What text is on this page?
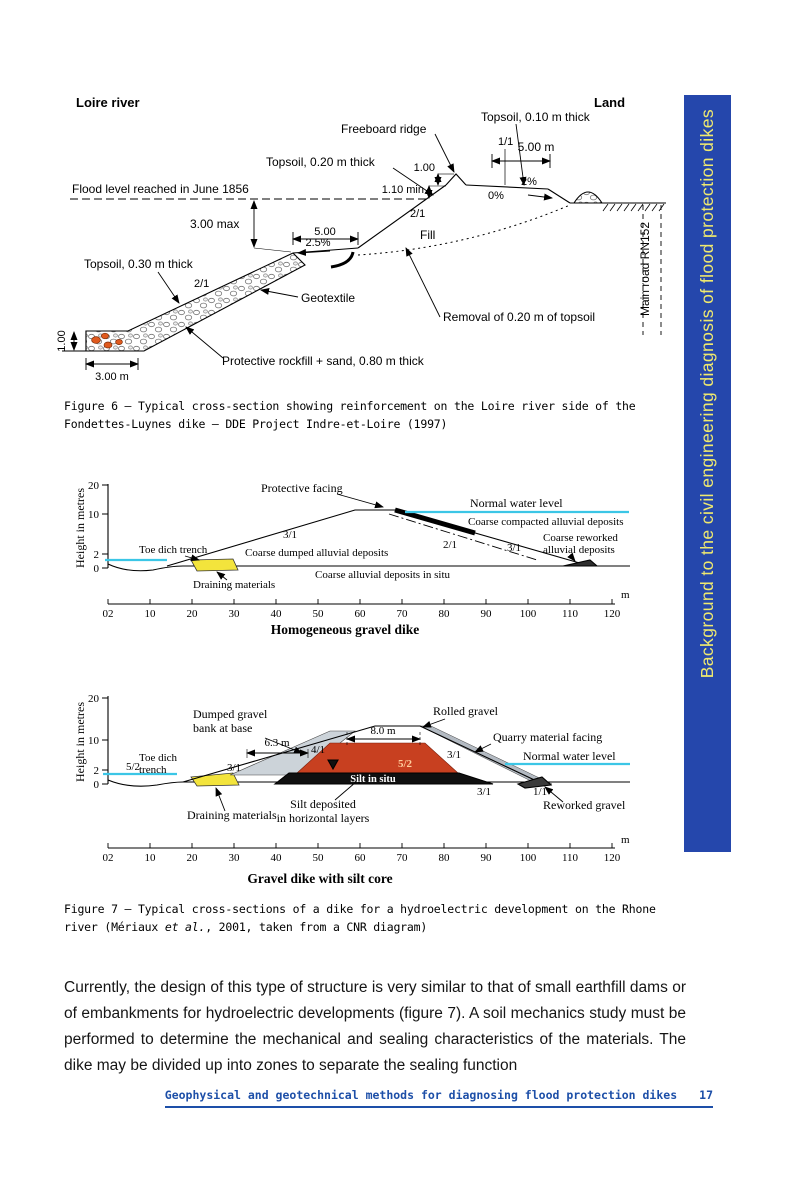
Background to the civil engineering diagnosis of flood protection dikes
Loire river	Land
Flood level reached in June 1856
Freeboard ridge
Topsoil, 0.10 m thick
1/1 5.00 m
Topsoil, 0.20 m thick	1.00
2%
1.10 min	0%
2/1
3.00 max
5.00
2.5%
Fill
Topsoil, 0.30 m thick
2/1
Geotextile
Removal of 0.20 m of topsoil
Main road RN152
1.00
3.00 m
Protective rockfill + sand, 0.80 m thick
Figure 6 – Typical cross-section showing reinforcement on the Loire river side of the Fondettes-Luynes dike – DDE Project Indre-et-Loire (1997)
20
10
2
0
Height in metres
Protective facing
Normal water level
Coarse compacted alluvial deposits
3/1
2/1	3/1
Coarse reworked
alluvial deposits
Toe dich trench	Coarse dumped alluvial deposits
Coarse alluvial deposits in situ
Draining materials
02	10	20	30	40	50	60	70	80	90	100 110 120
m
Homogeneous gravel dike
20
10
2
0
Height in metres	Dumped gravel
bank at base
Rolled gravel
8.0 m
6.3 m
4/1
Quarry material facing
3/1	Normal water level
5/2
Toe dich
trench	3/1	5/2
Silt in situ
3/1	1/1
Reworked gravel
Draining materials
Silt deposited
in horizontal layers
02	10	20	30	40	50	60	70	80	90	100 110 120
m
Gravel dike with silt core
Figure 7 – Typical cross-sections of a dike for a hydroelectric development on the Rhone river (Mériaux et al., 2001, taken from a CNR diagram)
Currently, the design of this type of structure is very similar to that of small earthfill dams or of embankments for hydroelectric developments (figure 7). A soil mechanics study must be performed to determine the mechanical and sealing characteristics of the materials. The dike may be divided up into zones to separate the sealing function
Geophysical and geotechnical methods for diagnosing flood protection dikes 17
